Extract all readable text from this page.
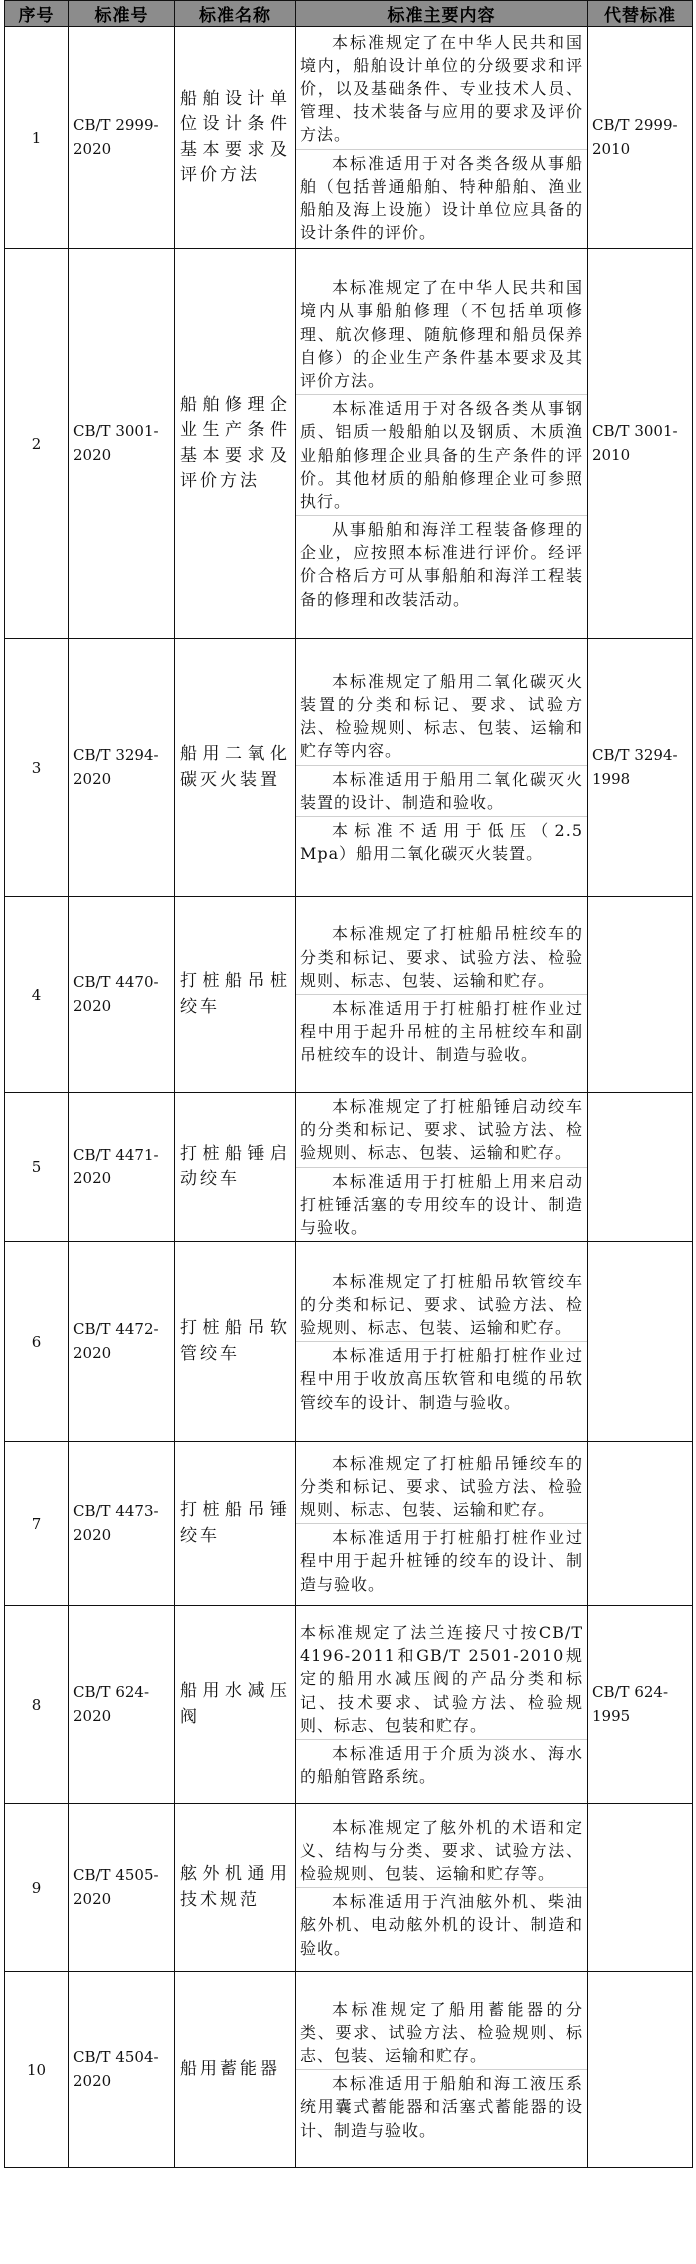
序号	标准号	标准名称	标准主要内容	代替标准
1	CB/T 2999-2020	船舶设计单位设计条件基本要求及评价方法	本标准规定了在中华人民共和国境内，船舶设计单位的分级要求和评价，以及基础条件、专业技术人员、管理、技术装备与应用的要求及评价方法。
本标准适用于对各类各级从事船舶（包括普通船舶、特种船舶、渔业船舶及海上设施）设计单位应具备的设计条件的评价。	CB/T 2999-2010
2	CB/T 3001-2020	船舶修理企业生产条件基本要求及评价方法	本标准规定了在中华人民共和国境内从事船舶修理（不包括单项修理、航次修理、随航修理和船员保养自修）的企业生产条件基本要求及其评价方法。
本标准适用于对各级各类从事钢质、铝质一般船舶以及钢质、木质渔业船舶修理企业具备的生产条件的评价。其他材质的船舶修理企业可参照执行。
从事船舶和海洋工程装备修理的企业，应按照本标准进行评价。经评价合格后方可从事船舶和海洋工程装备的修理和改装活动。	CB/T 3001-2010
3	CB/T 3294-2020	船用二氧化碳灭火装置	本标准规定了船用二氧化碳灭火装置的分类和标记、要求、试验方法、检验规则、标志、包装、运输和贮存等内容。
本标准适用于船用二氧化碳灭火装置的设计、制造和验收。
本标准不适用于低压（2.5 Mpa）船用二氧化碳灭火装置。	CB/T 3294-1998
4	CB/T 4470-2020	打桩船吊桩绞车	本标准规定了打桩船吊桩绞车的分类和标记、要求、试验方法、检验规则、标志、包装、运输和贮存。
本标准适用于打桩船打桩作业过程中用于起升吊桩的主吊桩绞车和副吊桩绞车的设计、制造与验收。	

5	CB/T 4471-2020	打桩船锤启动绞车	本标准规定了打桩船锤启动绞车的分类和标记、要求、试验方法、检验规则、标志、包装、运输和贮存。
本标准适用于打桩船上用来启动打桩锤活塞的专用绞车的设计、制造与验收。	

6	CB/T 4472-2020	打桩船吊软管绞车	本标准规定了打桩船吊软管绞车的分类和标记、要求、试验方法、检验规则、标志、包装、运输和贮存。
本标准适用于打桩船打桩作业过程中用于收放高压软管和电缆的吊软管绞车的设计、制造与验收。	

7	CB/T 4473-2020	打桩船吊锤绞车	本标准规定了打桩船吊锤绞车的分类和标记、要求、试验方法、检验规则、标志、包装、运输和贮存。
本标准适用于打桩船打桩作业过程中用于起升桩锤的绞车的设计、制造与验收。	

8	CB/T 624-2020	船用水减压阀	本标准规定了法兰连接尺寸按CB/T 4196-2011和GB/T 2501-2010规定的船用水减压阀的产品分类和标记、技术要求、试验方法、检验规则、标志、包装和贮存。
本标准适用于介质为淡水、海水的船舶管路系统。	CB/T 624-1995
9	CB/T 4505-2020	舷外机通用技术规范	本标准规定了舷外机的术语和定义、结构与分类、要求、试验方法、检验规则、包装、运输和贮存等。
本标准适用于汽油舷外机、柴油舷外机、电动舷外机的设计、制造和验收。	

10	CB/T 4504-2020	船用蓄能器	本标准规定了船用蓄能器的分类、要求、试验方法、检验规则、标志、包装、运输和贮存。
本标准适用于船舶和海工液压系统用囊式蓄能器和活塞式蓄能器的设计、制造与验收。	
